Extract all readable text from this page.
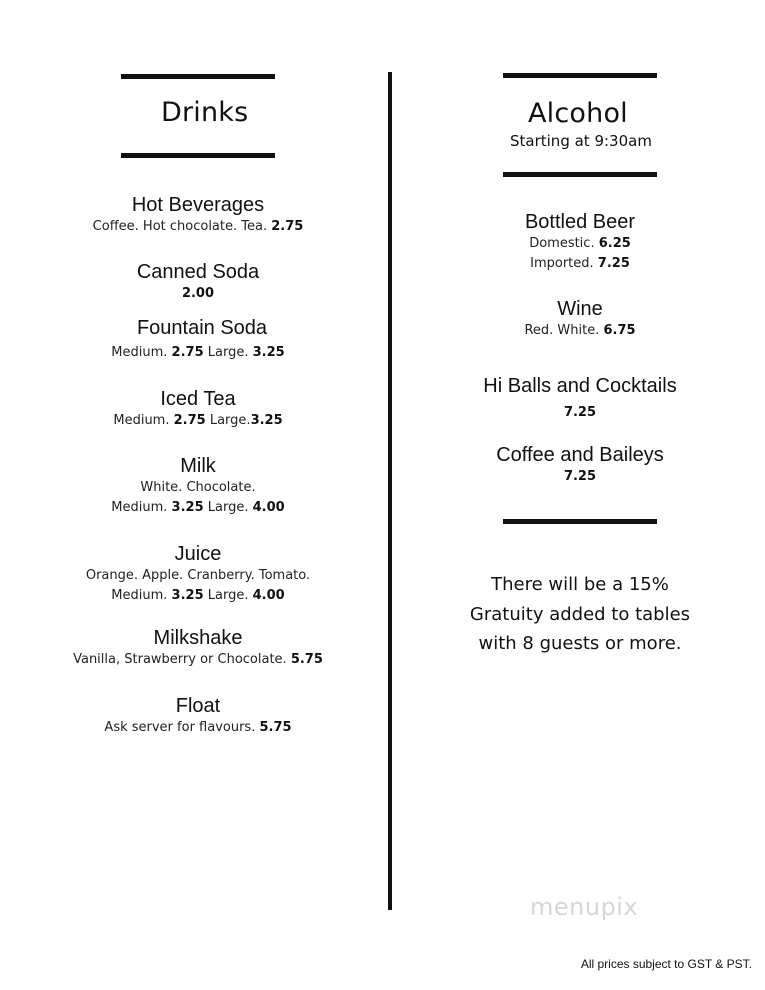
Drinks	Alcohol
Starting at 9:30am
Hot Beverages
Coffee. Hot chocolate. Tea. 2.75
Canned Soda
2.00
Fountain Soda
Medium. 2.75 Large. 3.25
Iced Tea
Medium. 2.75 Large.3.25
Milk
White. Chocolate.
Medium. 3.25 Large. 4.00
Juice
Orange. Apple. Cranberry. Tomato.
Medium. 3.25 Large. 4.00
Milkshake
Vanilla, Strawberry or Chocolate. 5.75
Float
Ask server for flavours. 5.75
Bottled Beer
Domestic. 6.25
Imported. 7.25
Wine
Red. White. 6.75
Hi Balls and Cocktails
7.25
Coffee and Baileys
7.25
There will be a 15% Gratuity added to tables with 8 guests or more.
menupix
All prices subject to GST & PST.
